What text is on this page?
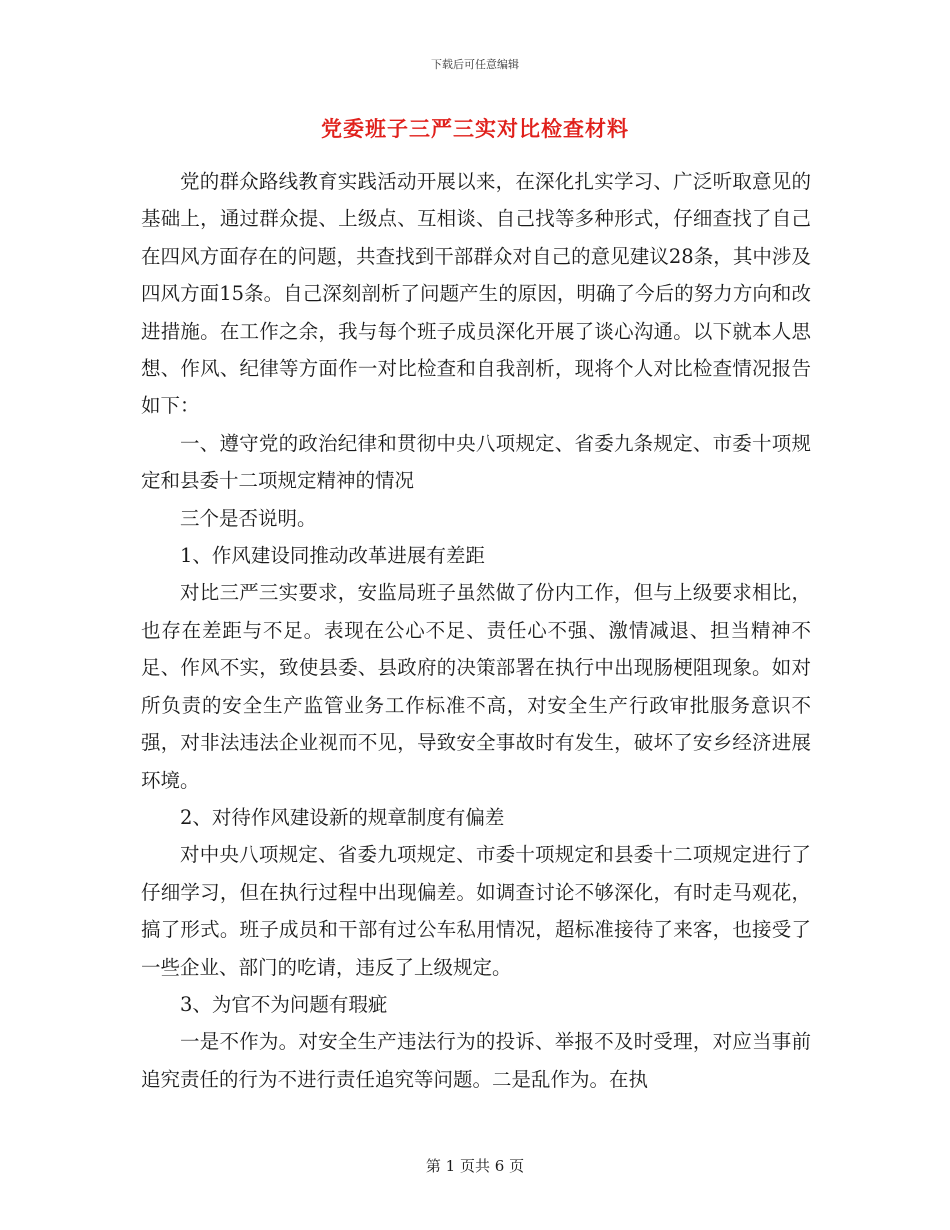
下载后可任意编辑
党委班子三严三实对比检查材料

党的群众路线教育实践活动开展以来，在深化扎实学习、广泛听取意见的基础上，通过群众提、上级点、互相谈、自己找等多种形式，仔细查找了自己在四风方面存在的问题，共查找到干部群众对自己的意见建议28条，其中涉及四风方面15条。自己深刻剖析了问题产生的原因，明确了今后的努力方向和改进措施。在工作之余，我与每个班子成员深化开展了谈心沟通。以下就本人思想、作风、纪律等方面作一对比检查和自我剖析，现将个人对比检查情况报告如下：

一、遵守党的政治纪律和贯彻中央八项规定、省委九条规定、市委十项规定和县委十二项规定精神的情况

三个是否说明。

1、作风建设同推动改革进展有差距

对比三严三实要求，安监局班子虽然做了份内工作，但与上级要求相比，也存在差距与不足。表现在公心不足、责任心不强、激情减退、担当精神不足、作风不实，致使县委、县政府的决策部署在执行中出现肠梗阻现象。如对所负责的安全生产监管业务工作标准不高，对安全生产行政审批服务意识不强，对非法违法企业视而不见，导致安全事故时有发生，破坏了安乡经济进展环境。

2、对待作风建设新的规章制度有偏差

对中央八项规定、省委九项规定、市委十项规定和县委十二项规定进行了仔细学习，但在执行过程中出现偏差。如调查讨论不够深化，有时走马观花，搞了形式。班子成员和干部有过公车私用情况，超标准接待了来客，也接受了一些企业、部门的吃请，违反了上级规定。

3、为官不为问题有瑕疵

一是不作为。对安全生产违法行为的投诉、举报不及时受理，对应当事前追究责任的行为不进行责任追究等问题。二是乱作为。在执

第 1 页共 6 页
